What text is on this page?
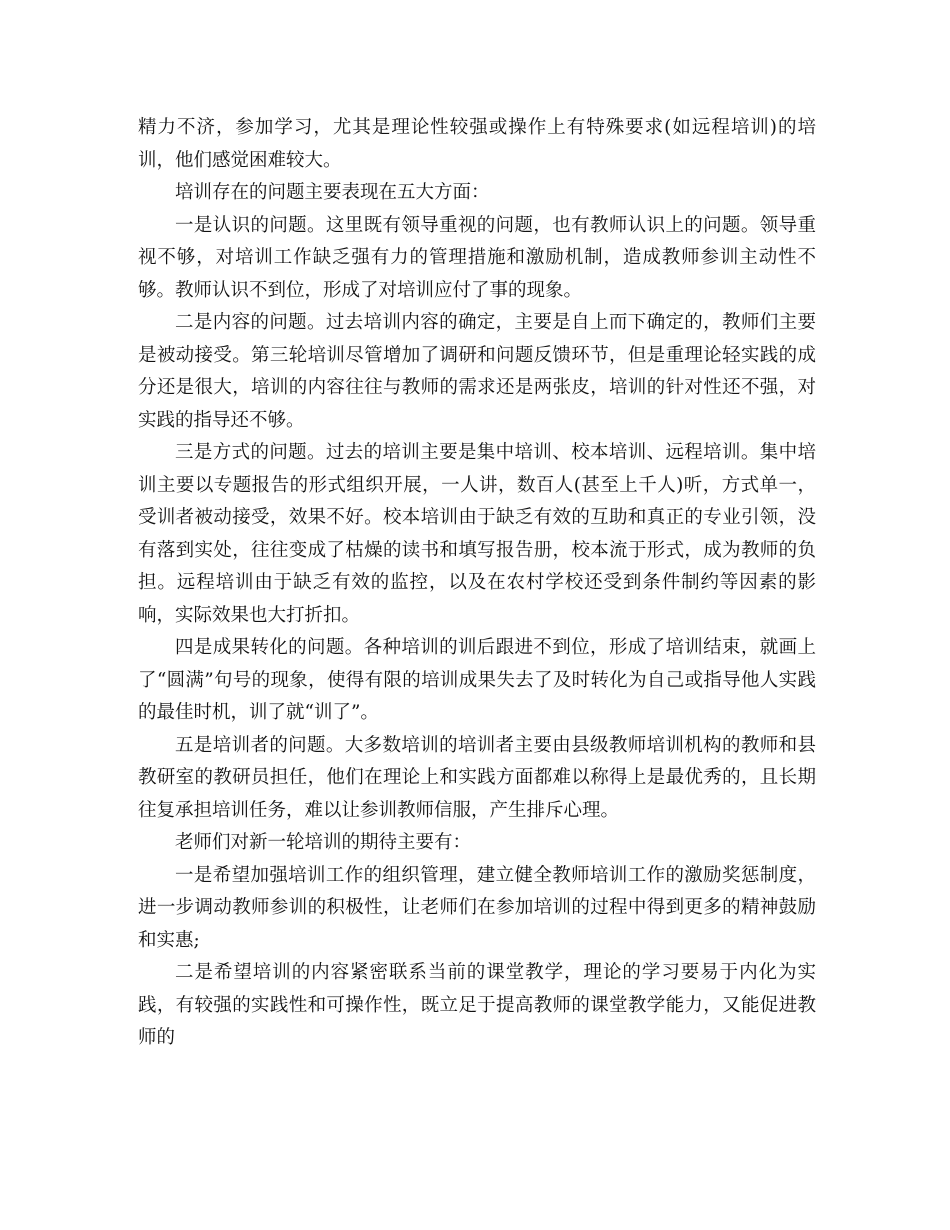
精力不济，参加学习，尤其是理论性较强或操作上有特殊要求(如远程培训)的培训，他们感觉困难较大。

培训存在的问题主要表现在五大方面：

一是认识的问题。这里既有领导重视的问题，也有教师认识上的问题。领导重视不够，对培训工作缺乏强有力的管理措施和激励机制，造成教师参训主动性不够。教师认识不到位，形成了对培训应付了事的现象。

二是内容的问题。过去培训内容的确定，主要是自上而下确定的，教师们主要是被动接受。第三轮培训尽管增加了调研和问题反馈环节，但是重理论轻实践的成分还是很大，培训的内容往往与教师的需求还是两张皮，培训的针对性还不强，对实践的指导还不够。

三是方式的问题。过去的培训主要是集中培训、校本培训、远程培训。集中培训主要以专题报告的形式组织开展，一人讲，数百人(甚至上千人)听，方式单一，受训者被动接受，效果不好。校本培训由于缺乏有效的互助和真正的专业引领，没有落到实处，往往变成了枯燥的读书和填写报告册，校本流于形式，成为教师的负担。远程培训由于缺乏有效的监控，以及在农村学校还受到条件制约等因素的影响，实际效果也大打折扣。

四是成果转化的问题。各种培训的训后跟进不到位，形成了培训结束，就画上了“圆满”句号的现象，使得有限的培训成果失去了及时转化为自己或指导他人实践的最佳时机，训了就“训了”。

五是培训者的问题。大多数培训的培训者主要由县级教师培训机构的教师和县教研室的教研员担任，他们在理论上和实践方面都难以称得上是最优秀的，且长期往复承担培训任务，难以让参训教师信服，产生排斥心理。

老师们对新一轮培训的期待主要有：

一是希望加强培训工作的组织管理，建立健全教师培训工作的激励奖惩制度，进一步调动教师参训的积极性，让老师们在参加培训的过程中得到更多的精神鼓励和实惠;

二是希望培训的内容紧密联系当前的课堂教学，理论的学习要易于内化为实践，有较强的实践性和可操作性，既立足于提高教师的课堂教学能力，又能促进教师的
